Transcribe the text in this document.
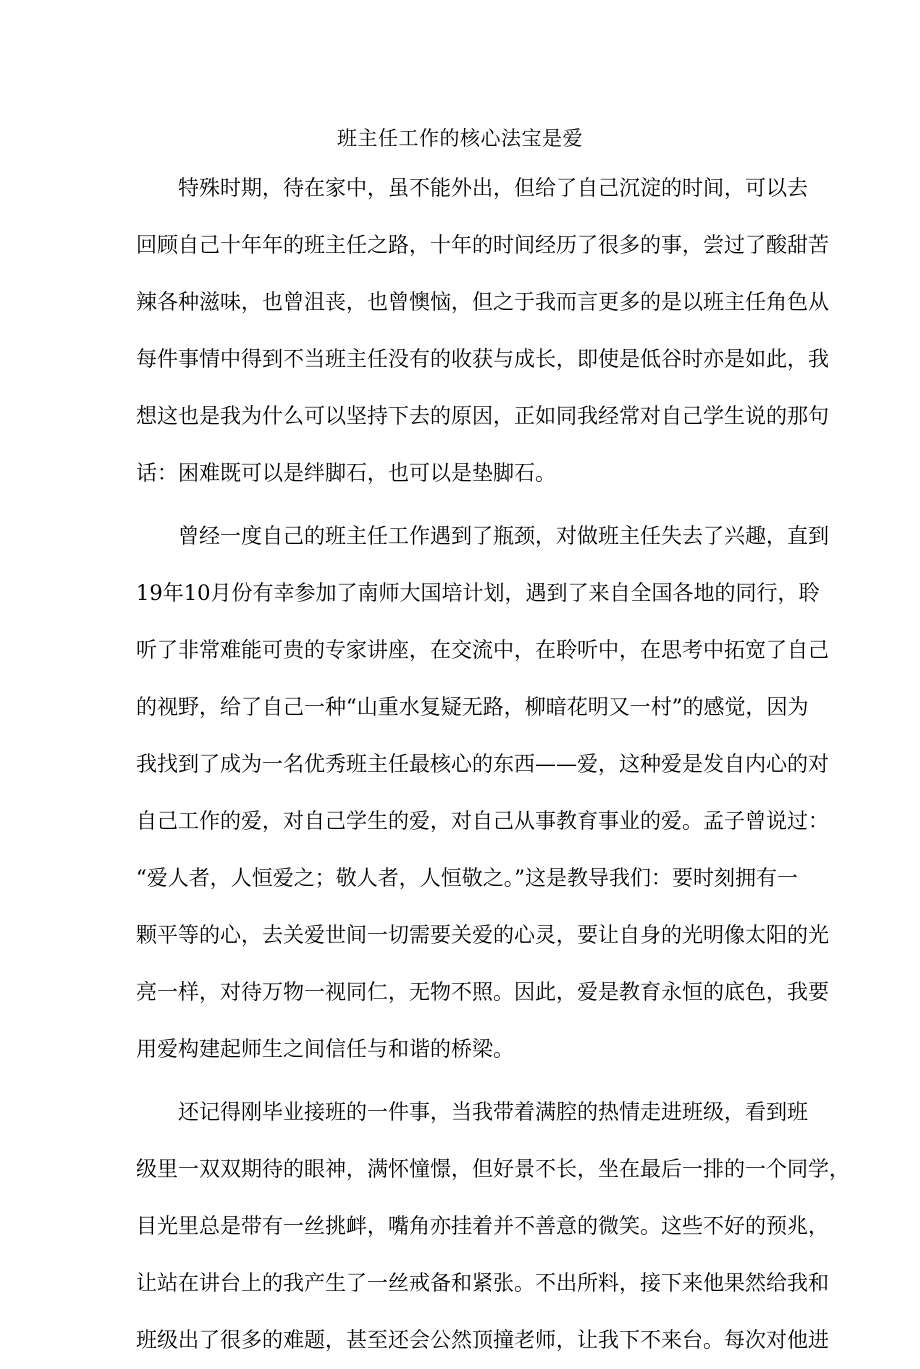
班主任工作的核心法宝是爱
特殊时期，待在家中，虽不能外出，但给了自己沉淀的时间，可以去
回顾自己十年年的班主任之路，十年的时间经历了很多的事，尝过了酸甜苦
辣各种滋味，也曾沮丧，也曾懊恼，但之于我而言更多的是以班主任角色从
每件事情中得到不当班主任没有的收获与成长，即使是低谷时亦是如此，我
想这也是我为什么可以坚持下去的原因，正如同我经常对自己学生说的那句
话：困难既可以是绊脚石，也可以是垫脚石。
曾经一度自己的班主任工作遇到了瓶颈，对做班主任失去了兴趣，直到
19年10月份有幸参加了南师大国培计划，遇到了来自全国各地的同行，聆
听了非常难能可贵的专家讲座，在交流中，在聆听中，在思考中拓宽了自己
的视野，给了自己一种“山重水复疑无路，柳暗花明又一村”的感觉，因为
我找到了成为一名优秀班主任最核心的东西——爱，这种爱是发自内心的对
自己工作的爱，对自己学生的爱，对自己从事教育事业的爱。孟子曾说过：
“爱人者，人恒爱之；敬人者，人恒敬之。”这是教导我们：要时刻拥有一
颗平等的心，去关爱世间一切需要关爱的心灵，要让自身的光明像太阳的光
亮一样，对待万物一视同仁，无物不照。因此，爱是教育永恒的底色，我要
用爱构建起师生之间信任与和谐的桥梁。
还记得刚毕业接班的一件事，当我带着满腔的热情走进班级，看到班
级里一双双期待的眼神，满怀憧憬，但好景不长，坐在最后一排的一个同学，
目光里总是带有一丝挑衅，嘴角亦挂着并不善意的微笑。这些不好的预兆，
让站在讲台上的我产生了一丝戒备和紧张。不出所料，接下来他果然给我和
班级出了很多的难题，甚至还会公然顶撞老师，让我下不来台。每次对他进
